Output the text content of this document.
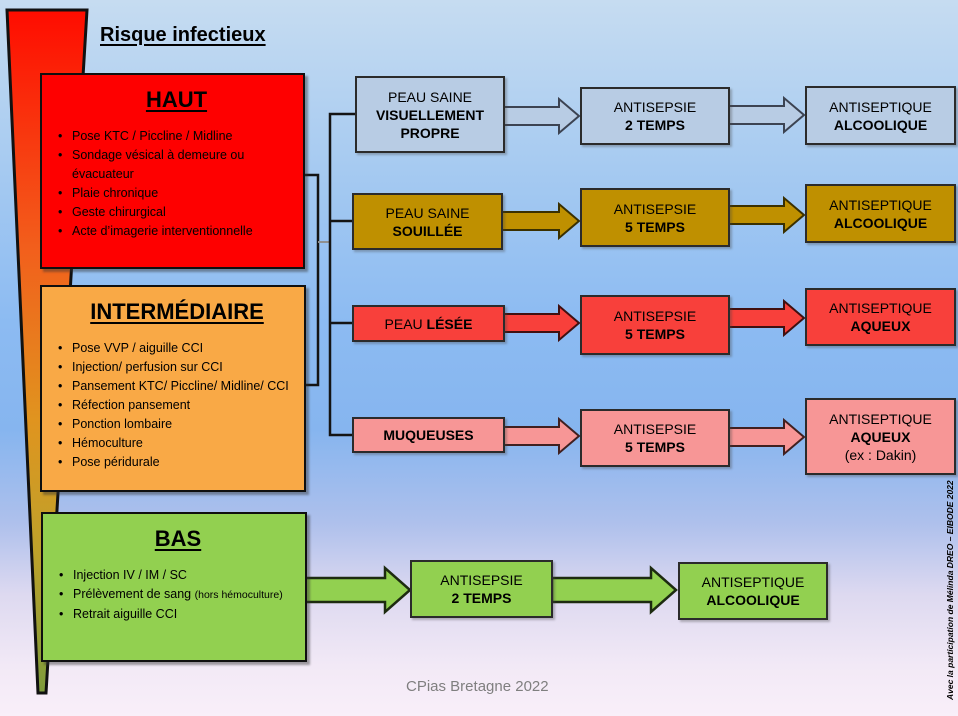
Risque infectieux
HAUT
• Pose KTC / Piccline / Midline
• Sondage vésical à demeure ou évacuateur
• Plaie chronique
• Geste chirurgical
• Acte d’imagerie interventionnelle
INTERMÉDIAIRE
• Pose VVP / aiguille CCI
• Injection/ perfusion sur CCI
• Pansement KTC/ Piccline/ Midline/ CCI
• Réfection pansement
• Ponction lombaire
• Hémoculture
• Pose péridurale
BAS
• Injection IV / IM / SC
• Prélèvement de sang (hors hémoculture)
• Retrait aiguille CCI
PEAU SAINE
VISUELLEMENT
PROPRE
PEAU SAINE
SOUILLÉE
PEAU LÉSÉE
MUQUEUSES
ANTISEPSIE
2 TEMPS
ANTISEPSIE
5 TEMPS
ANTISEPSIE
5 TEMPS
ANTISEPSIE
5 TEMPS
ANTISEPSIE
2 TEMPS
ANTISEPTIQUE
ALCOOLIQUE
ANTISEPTIQUE
ALCOOLIQUE
ANTISEPTIQUE
AQUEUX
ANTISEPTIQUE
AQUEUX
(ex : Dakin)
ANTISEPTIQUE
ALCOOLIQUE
CPias Bretagne 2022	Avec la participation de Mélinda DREO – EIBODE 2022
